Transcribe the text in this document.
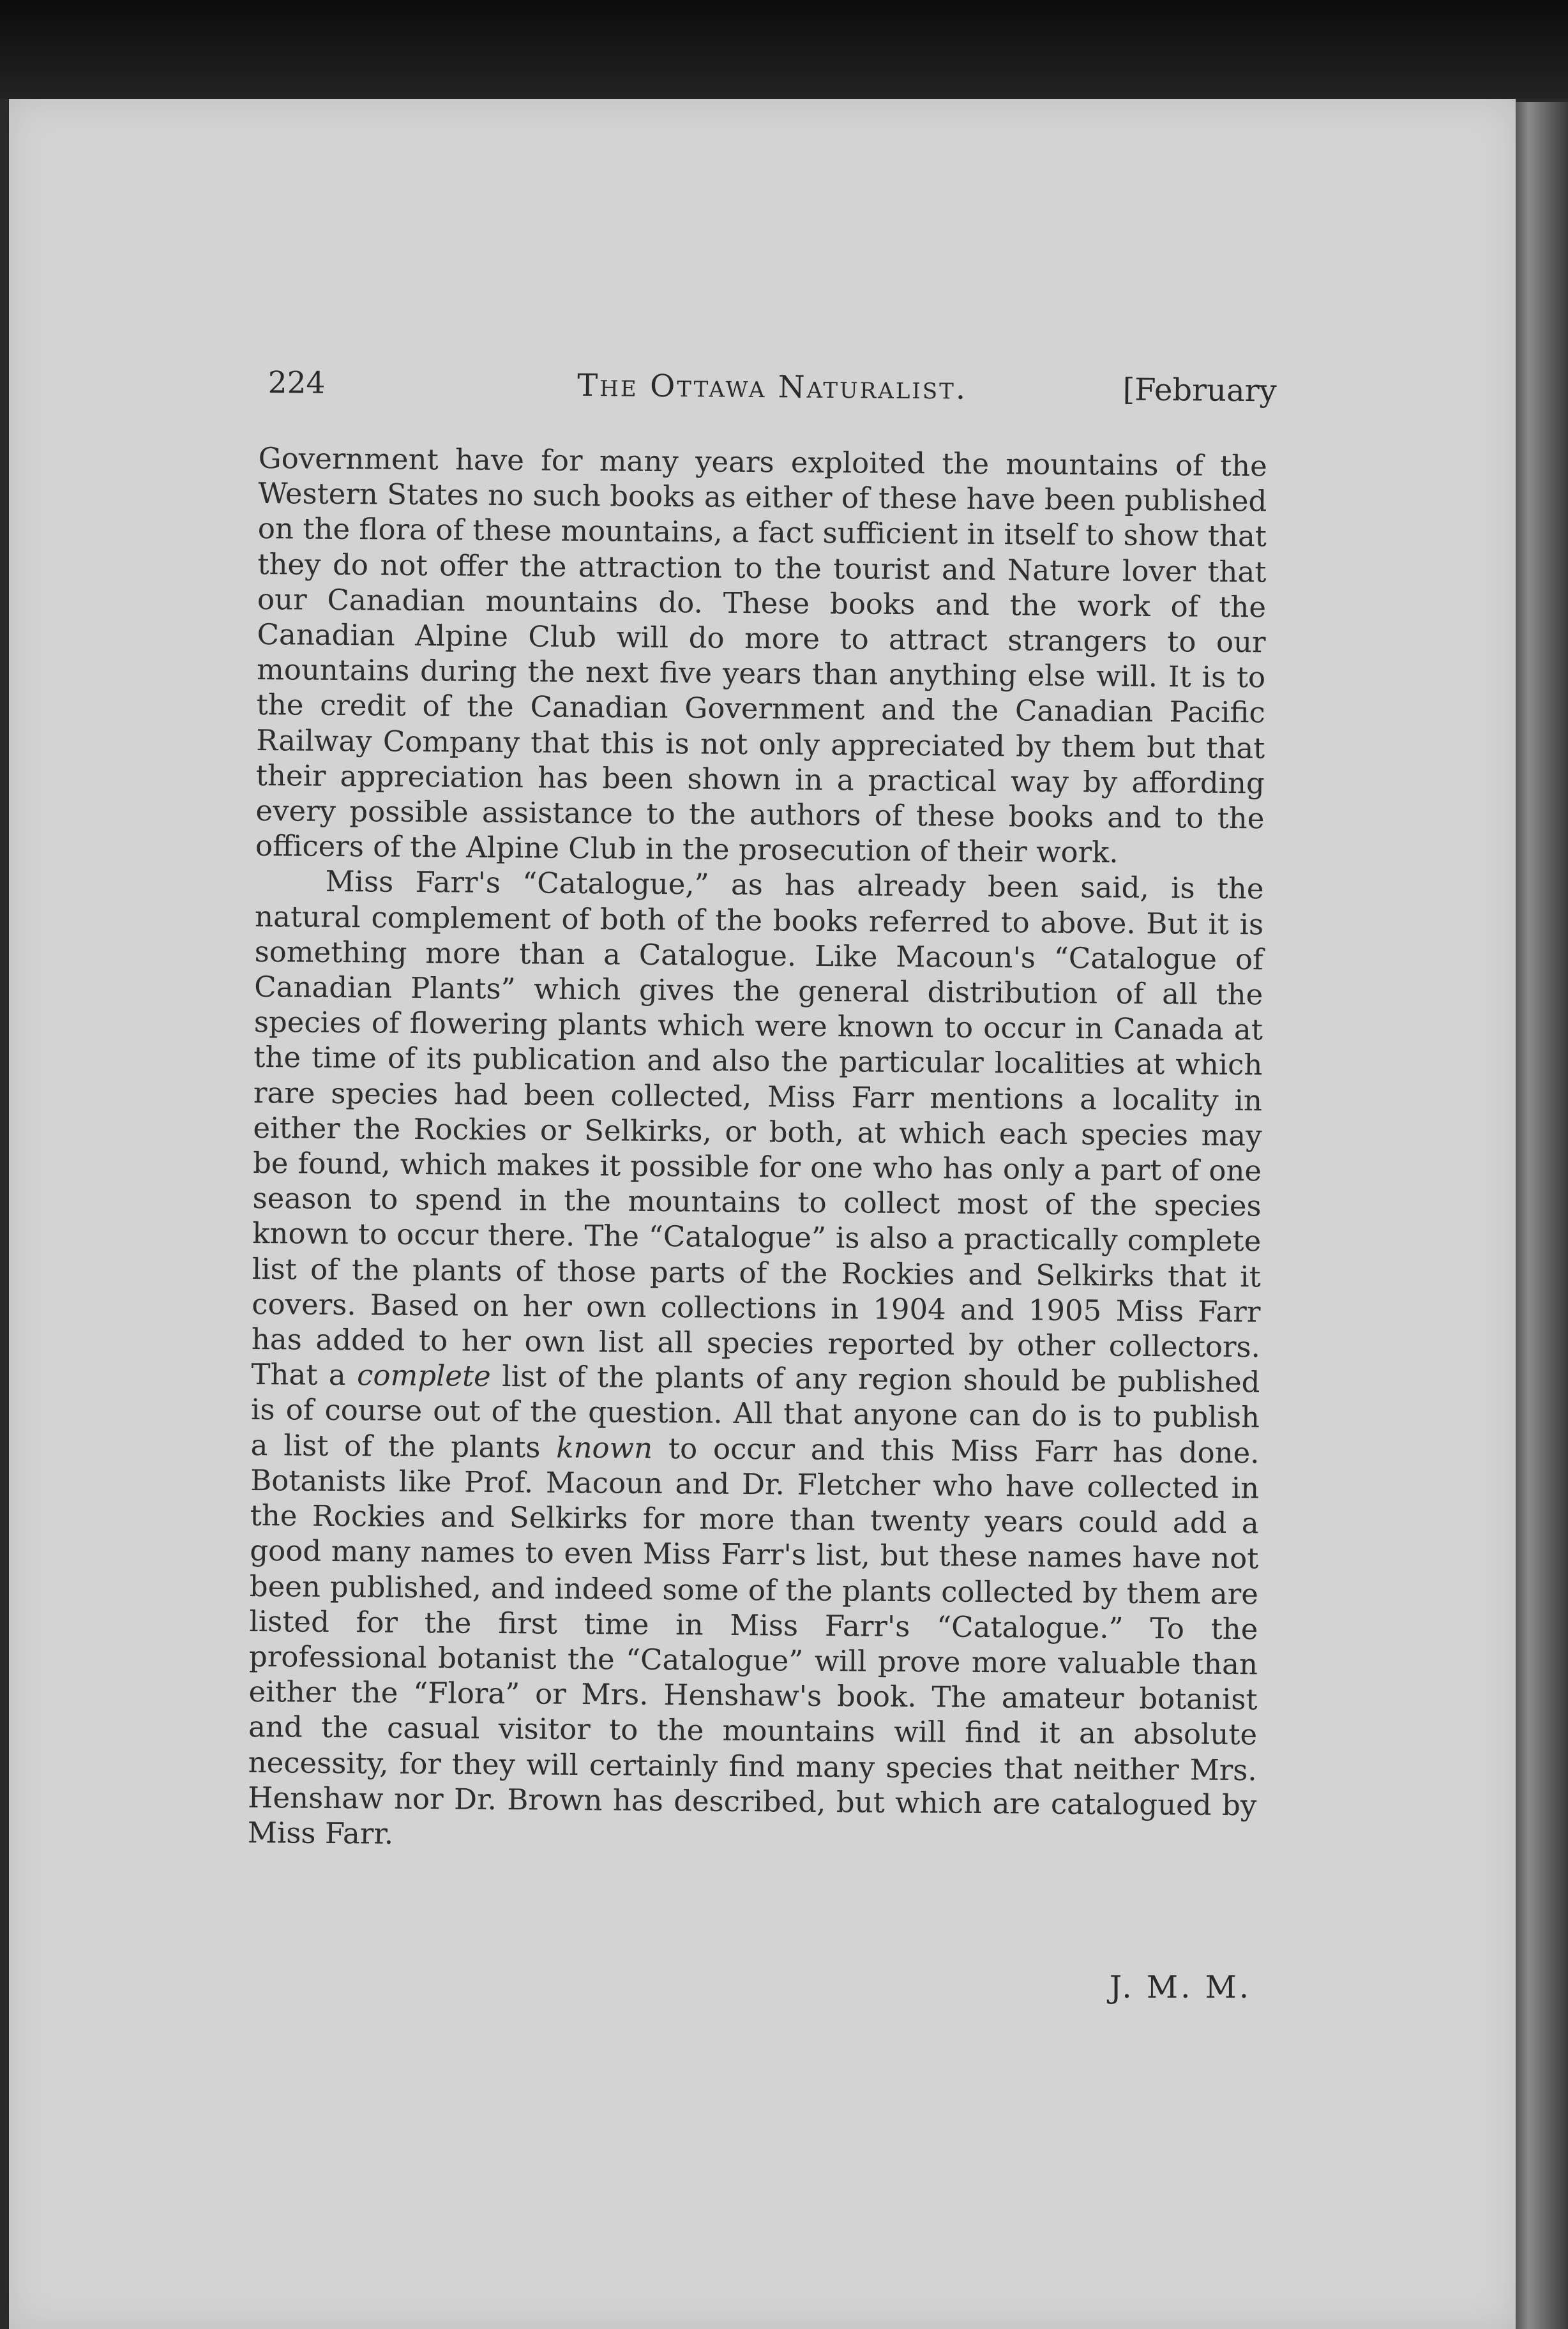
224	The Ottawa Naturalist.	[February

Government have for many years exploited the mountains of the Western States no such books as either of these have been published on the flora of these mountains, a fact sufficient in itself to show that they do not offer the attraction to the tourist and Nature lover that our Canadian mountains do. These books and the work of the Canadian Alpine Club will do more to attract strangers to our mountains during the next five years than anything else will. It is to the credit of the Canadian Government and the Canadian Pacific Railway Company that this is not only appreciated by them but that their appreciation has been shown in a practical way by affording every possible assistance to the authors of these books and to the officers of the Alpine Club in the prosecution of their work.

Miss Farr's “Catalogue,” as has already been said, is the natural complement of both of the books referred to above. But it is something more than a Catalogue. Like Macoun's “Catalogue of Canadian Plants” which gives the general distribution of all the species of flowering plants which were known to occur in Canada at the time of its publication and also the particular localities at which rare species had been collected, Miss Farr mentions a locality in either the Rockies or Selkirks, or both, at which each species may be found, which makes it possible for one who has only a part of one season to spend in the mountains to collect most of the species known to occur there. The “Catalogue” is also a practically complete list of the plants of those parts of the Rockies and Selkirks that it covers. Based on her own collections in 1904 and 1905 Miss Farr has added to her own list all species reported by other collectors. That a complete list of the plants of any region should be published is of course out of the question. All that anyone can do is to publish a list of the plants known to occur and this Miss Farr has done. Botanists like Prof. Macoun and Dr. Fletcher who have collected in the Rockies and Selkirks for more than twenty years could add a good many names to even Miss Farr's list, but these names have not been published, and indeed some of the plants collected by them are listed for the first time in Miss Farr's “Catalogue.” To the professional botanist the “Catalogue” will prove more valuable than either the “Flora” or Mrs. Henshaw's book. The amateur botanist and the casual visitor to the mountains will find it an absolute necessity, for they will certainly find many species that neither Mrs. Henshaw nor Dr. Brown has described, but which are catalogued by Miss Farr.

J. M. M.
